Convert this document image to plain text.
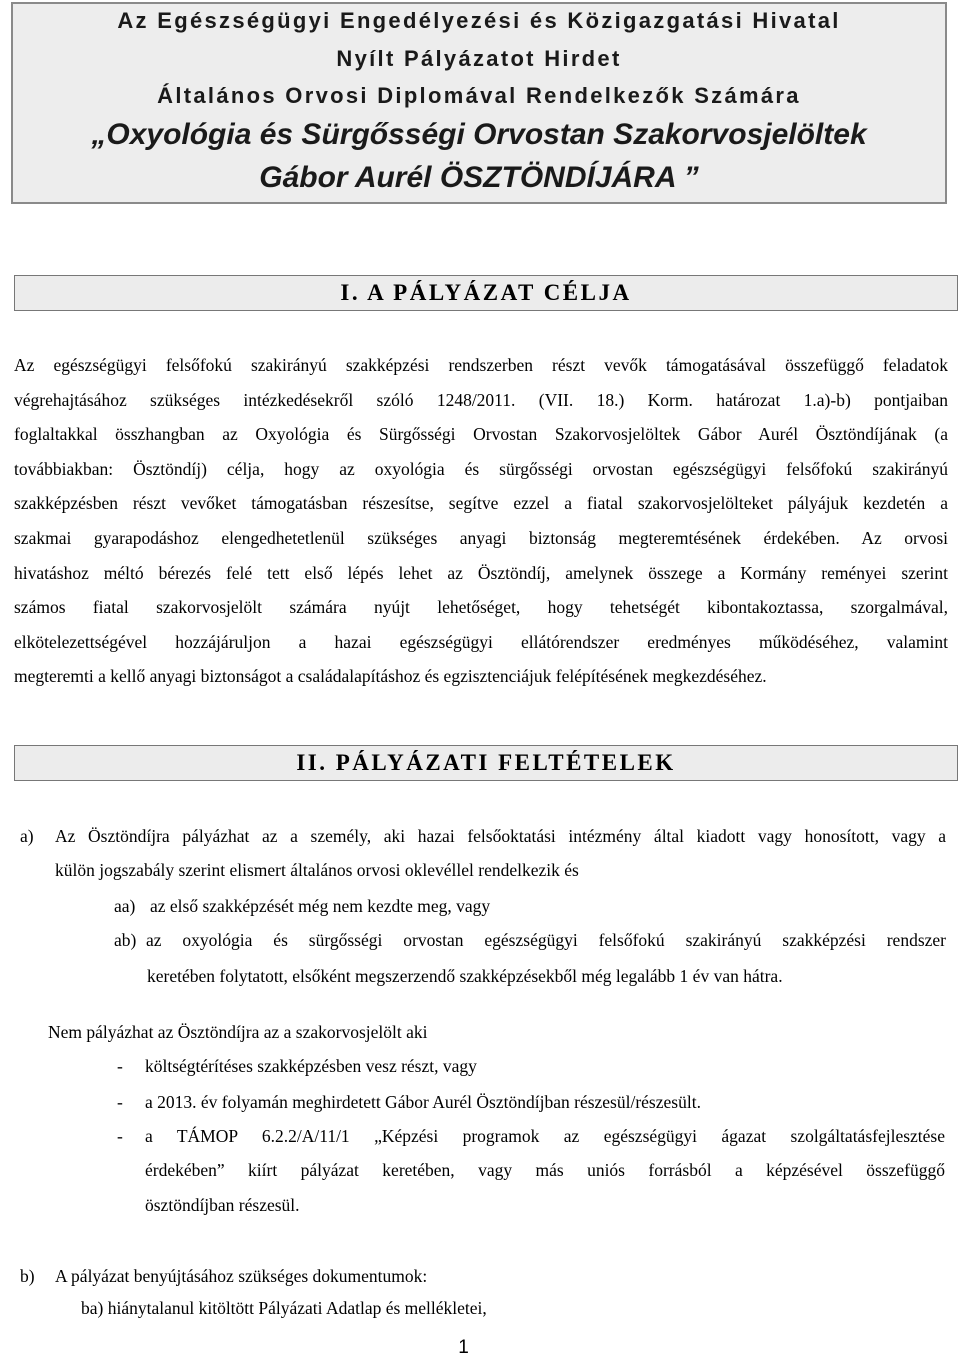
Az Egészségügyi Engedélyezési és Közigazgatási Hivatal
Nyílt Pályázatot Hirdet
Általános Orvosi Diplomával Rendelkezők Számára
„Oxyológia és Sürgősségi Orvostan Szakorvosjelöltek
Gábor Aurél ÖSZTÖNDÍJÁRA ”
I. A PÁLYÁZAT CÉLJA
Az egészségügyi felsőfokú szakirányú szakképzési rendszerben részt vevők támogatásával összefüggő feladatok
végrehajtásához szükséges intézkedésekről szóló 1248/2011. (VII. 18.) Korm. határozat 1.a)-b) pontjaiban
foglaltakkal összhangban az Oxyológia és Sürgősségi Orvostan Szakorvosjelöltek Gábor Aurél Ösztöndíjának (a
továbbiakban: Ösztöndíj) célja, hogy az oxyológia és sürgősségi orvostan egészségügyi felsőfokú szakirányú
szakképzésben részt vevőket támogatásban részesítse, segítve ezzel a fiatal szakorvosjelölteket pályájuk kezdetén a
szakmai gyarapodáshoz elengedhetetlenül szükséges anyagi biztonság megteremtésének érdekében. Az orvosi
hivatáshoz méltó bérezés felé tett első lépés lehet az Ösztöndíj, amelynek összege a Kormány reményei szerint
számos fiatal szakorvosjelölt számára nyújt lehetőséget, hogy tehetségét kibontakoztassa, szorgalmával,
elkötelezettségével hozzájáruljon a hazai egészségügyi ellátórendszer eredményes működéséhez, valamint
megteremti a kellő anyagi biztonságot a családalapításhoz és egzisztenciájuk felépítésének megkezdéséhez.
II. PÁLYÁZATI FELTÉTELEK
a) Az Ösztöndíjra pályázhat az a személy, aki hazai felsőoktatási intézmény által kiadott vagy honosított, vagy a
külön jogszabály szerint elismert általános orvosi oklevéllel rendelkezik és
aa) az első szakképzését még nem kezdte meg, vagy
ab) az oxyológia és sürgősségi orvostan egészségügyi felsőfokú szakirányú szakképzési rendszer
keretében folytatott, elsőként megszerzendő szakképzésekből még legalább 1 év van hátra.
Nem pályázhat az Ösztöndíjra az a szakorvosjelölt aki
- költségtérítéses szakképzésben vesz részt, vagy
- a 2013. év folyamán meghirdetett Gábor Aurél Ösztöndíjban részesül/részesült.
- a TÁMOP 6.2.2/A/11/1 „Képzési programok az egészségügyi ágazat szolgáltatásfejlesztése
érdekében” kiírt pályázat keretében, vagy más uniós forrásból a képzésével összefüggő
ösztöndíjban részesül.
b) A pályázat benyújtásához szükséges dokumentumok:
ba) hiánytalanul kitöltött Pályázati Adatlap és mellékletei,
1
